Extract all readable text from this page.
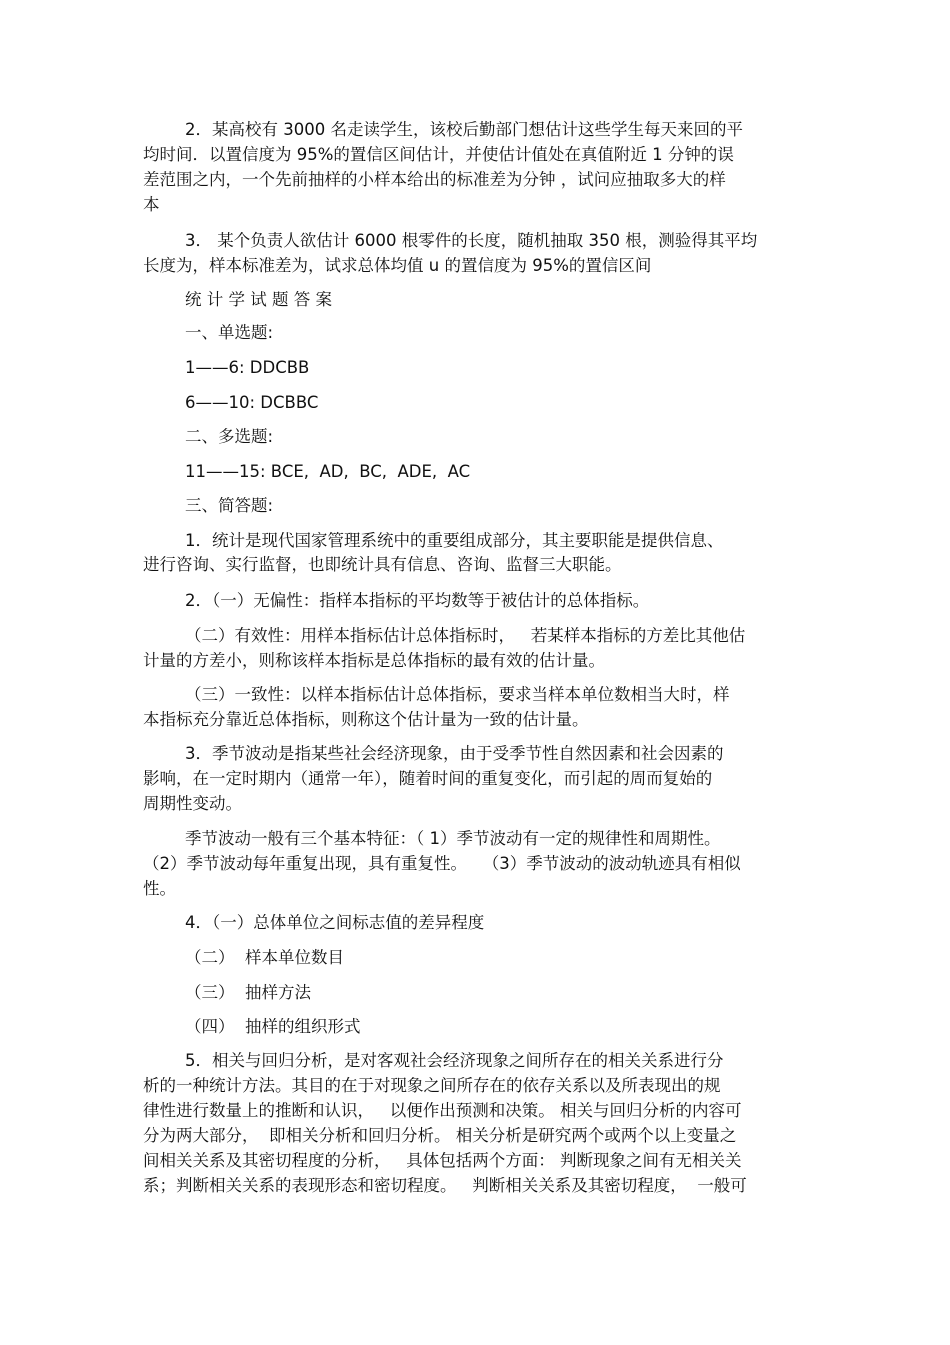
2．某高校有 3000 名走读学生，该校后勤部门想估计这些学生每天来回的平

均时间．以置信度为 95%的置信区间估计，并使估计值处在真值附近 1 分钟的误

差范围之内，一个先前抽样的小样本给出的标准差为分钟 ，试问应抽取多大的样

本

3． 某个负责人欲估计 6000 根零件的长度，随机抽取 350 根，测验得其平均

长度为，样本标准差为，试求总体均值 u 的置信度为 95%的置信区间

统 计 学 试 题 答 案

一、单选题:

1——6: DDCBB

6——10: DCBBC

二、多选题:

11——15: BCE,  AD,  BC,  ADE,  AC

三、简答题:

1．统计是现代国家管理系统中的重要组成部分，其主要职能是提供信息、

进行咨询、实行监督，也即统计具有信息、咨询、监督三大职能。

2．（一）无偏性：指样本指标的平均数等于被估计的总体指标。

（二）有效性：用样本指标估计总体指标时，   若某样本指标的方差比其他估

计量的方差小，则称该样本指标是总体指标的最有效的估计量。

（三）一致性：以样本指标估计总体指标，要求当样本单位数相当大时，样

本指标充分靠近总体指标，则称这个估计量为一致的估计量。

3．季节波动是指某些社会经济现象，由于受季节性自然因素和社会因素的

影响，在一定时期内（通常一年），随着时间的重复变化，而引起的周而复始的

周期性变动。

季节波动一般有三个基本特征：（ 1）季节波动有一定的规律性和周期性。

（2）季节波动每年重复出现，具有重复性。   （3）季节波动的波动轨迹具有相似

性。

4．（一）总体单位之间标志值的差异程度

（二）  样本单位数目

（三）  抽样方法

（四）  抽样的组织形式

5．相关与回归分析，是对客观社会经济现象之间所存在的相关关系进行分

析的一种统计方法。其目的在于对现象之间所存在的依存关系以及所表现出的规

律性进行数量上的推断和认识，   以便作出预测和决策。 相关与回归分析的内容可

分为两大部分，  即相关分析和回归分析。 相关分析是研究两个或两个以上变量之

间相关关系及其密切程度的分析，   具体包括两个方面： 判断现象之间有无相关关

系；判断相关关系的表现形态和密切程度。   判断相关关系及其密切程度，  一般可
